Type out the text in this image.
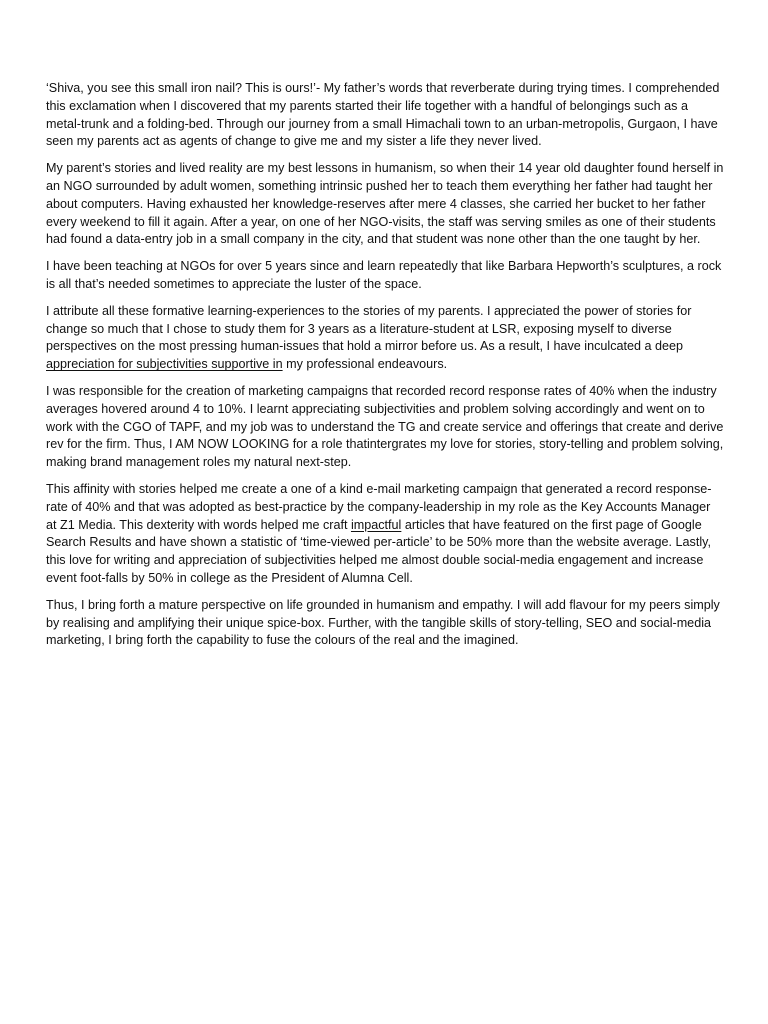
‘Shiva, you see this small iron nail? This is ours!’- My father’s words that reverberate during trying times. I comprehended this exclamation when I discovered that my parents started their life together with a handful of belongings such as a metal-trunk and a folding-bed. Through our journey from a small Himachali town to an urban-metropolis, Gurgaon, I have seen my parents act as agents of change to give me and my sister a life they never lived.

My parent’s stories and lived reality are my best lessons in humanism, so when their 14 year old daughter found herself in an NGO surrounded by adult women, something intrinsic pushed her to teach them everything her father had taught her about computers. Having exhausted her knowledge-reserves after mere 4 classes, she carried her bucket to her father every weekend to fill it again. After a year, on one of her NGO-visits, the staff was serving smiles as one of their students had found a data-entry job in a small company in the city, and that student was none other than the one taught by her.

I have been teaching at NGOs for over 5 years since and learn repeatedly that like Barbara Hepworth’s sculptures, a rock is all that’s needed sometimes to appreciate the luster of the space.

I attribute all these formative learning-experiences to the stories of my parents. I appreciated the power of stories for change so much that I chose to study them for 3 years as a literature-student at LSR, exposing myself to diverse perspectives on the most pressing human-issues that hold a mirror before us. As a result, I have inculcated a deep appreciation for subjectivities supportive in my professional endeavours.

I was responsible for the creation of marketing campaigns that recorded record response rates of 40% when the industry averages hovered around 4 to 10%. I learnt appreciating subjectivities and problem solving accordingly and went on to work with the CGO of TAPF, and my job was to understand the TG and create service and offerings that create and derive rev for the firm. Thus, I AM NOW LOOKING for a role thatintergrates my love for stories, story-telling and problem solving, making brand management roles my natural next-step.

This affinity with stories helped me create a one of a kind e-mail marketing campaign that generated a record response-rate of 40% and that was adopted as best-practice by the company-leadership in my role as the Key Accounts Manager at Z1 Media. This dexterity with words helped me craft impactful articles that have featured on the first page of Google Search Results and have shown a statistic of ‘time-viewed per-article’ to be 50% more than the website average. Lastly, this love for writing and appreciation of subjectivities helped me almost double social-media engagement and increase event foot-falls by 50% in college as the President of Alumna Cell.

Thus, I bring forth a mature perspective on life grounded in humanism and empathy. I will add flavour for my peers simply by realising and amplifying their unique spice-box. Further, with the tangible skills of story-telling, SEO and social-media marketing, I bring forth the capability to fuse the colours of the real and the imagined.
